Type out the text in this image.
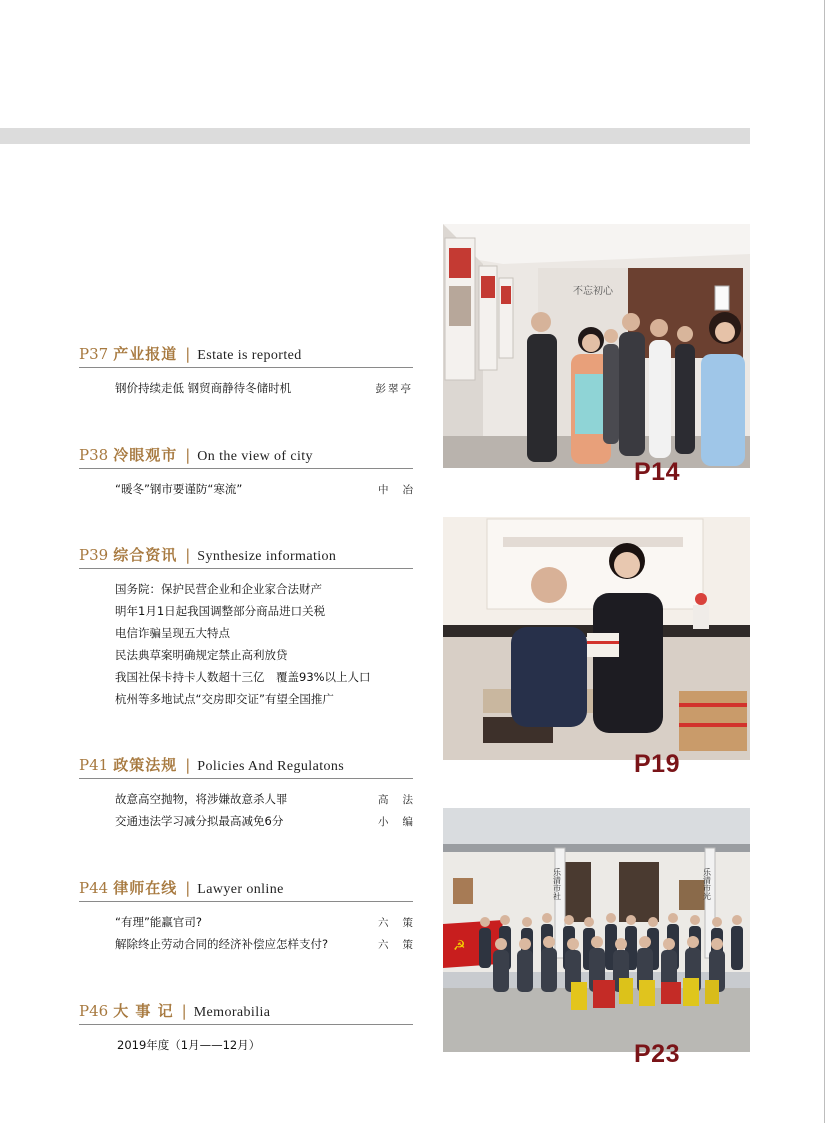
P37 产业报道 | Estate is reported
钢价持续走低 钢贸商静待冬储时机	彭翠亭
P38 冷眼观市 | On the view of city
“暖冬”钢市要谨防“寒流”	中冶
P39 综合资讯 | Synthesize information
国务院：保护民营企业和企业家合法财产
明年1月1日起我国调整部分商品进口关税
电信诈骗呈现五大特点
民法典草案明确规定禁止高利放贷
我国社保卡持卡人数超十三亿　覆盖93%以上人口
杭州等多地试点“交房即交证”有望全国推广
P41 政策法规 | Policies And Regulatons
故意高空抛物，将涉嫌故意杀人罪	高法
交通违法学习减分拟最高减免6分	小编
P44 律师在线 | Lawyer online
“有理”能赢官司?	六策
解除终止劳动合同的经济补偿应怎样支付?	六策
P46 大 事 记 | Memorabilia
2019年度（1月——12月）
不忘初心
P14
P19
乐清市社	乐清市光
☭
P23
